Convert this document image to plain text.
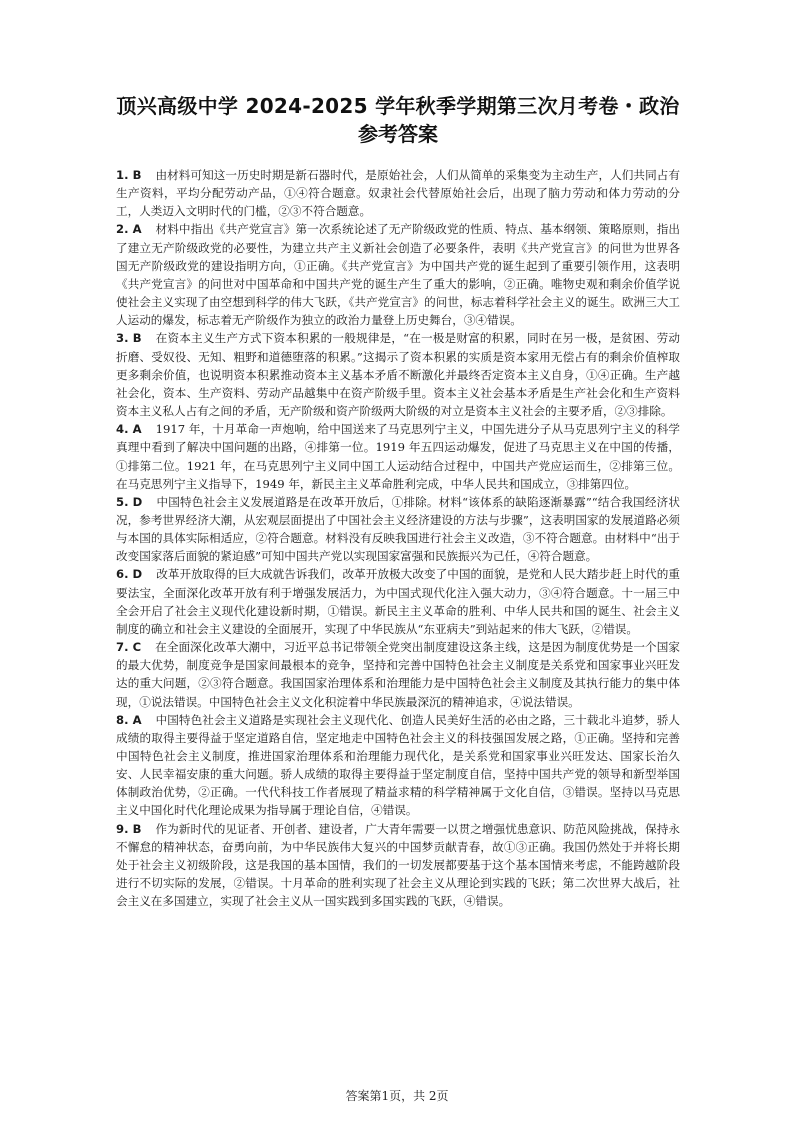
顶兴高级中学 2024-2025 学年秋季学期第三次月考卷・政治
参考答案

1. B 由材料可知这一历史时期是新石器时代，是原始社会，人们从简单的采集变为主动生产，人们共同占有生产资料，平均分配劳动产品，①④符合题意。奴隶社会代替原始社会后，出现了脑力劳动和体力劳动的分工，人类迈入文明时代的门槛，②③不符合题意。

2. A 材料中指出《共产党宣言》第一次系统论述了无产阶级政党的性质、特点、基本纲领、策略原则，指出了建立无产阶级政党的必要性，为建立共产主义新社会创造了必要条件，表明《共产党宣言》的问世为世界各国无产阶级政党的建设指明方向，①正确。《共产党宣言》为中国共产党的诞生起到了重要引领作用，这表明《共产党宣言》的问世对中国革命和中国共产党的诞生产生了重大的影响，②正确。唯物史观和剩余价值学说使社会主义实现了由空想到科学的伟大飞跃，《共产党宣言》的问世，标志着科学社会主义的诞生。欧洲三大工人运动的爆发，标志着无产阶级作为独立的政治力量登上历史舞台，③④错误。

3. B 在资本主义生产方式下资本积累的一般规律是，“在一极是财富的积累，同时在另一极，是贫困、劳动折磨、受奴役、无知、粗野和道德堕落的积累。”这揭示了资本积累的实质是资本家用无偿占有的剩余价值榨取更多剩余价值，也说明资本积累推动资本主义基本矛盾不断激化并最终否定资本主义自身，①④正确。生产越社会化，资本、生产资料、劳动产品越集中在资产阶级手里。资本主义社会基本矛盾是生产社会化和生产资料资本主义私人占有之间的矛盾，无产阶级和资产阶级两大阶级的对立是资本主义社会的主要矛盾，②③排除。

4. A 1917 年，十月革命一声炮响，给中国送来了马克思列宁主义，中国先进分子从马克思列宁主义的科学真理中看到了解决中国问题的出路，④排第一位。1919 年五四运动爆发，促进了马克思主义在中国的传播，①排第二位。1921 年，在马克思列宁主义同中国工人运动结合过程中，中国共产党应运而生，②排第三位。在马克思列宁主义指导下，1949 年，新民主主义革命胜利完成，中华人民共和国成立，③排第四位。

5. D 中国特色社会主义发展道路是在改革开放后，①排除。材料“该体系的缺陷逐渐暴露”“结合我国经济状况，参考世界经济大潮，从宏观层面提出了中国社会主义经济建设的方法与步骤”，这表明国家的发展道路必须与本国的具体实际相适应，②符合题意。材料没有反映我国进行社会主义改造，③不符合题意。由材料中“出于改变国家落后面貌的紧迫感”可知中国共产党以实现国家富强和民族振兴为己任，④符合题意。

6. D 改革开放取得的巨大成就告诉我们，改革开放极大改变了中国的面貌，是党和人民大踏步赶上时代的重要法宝，全面深化改革开放有利于增强发展活力，为中国式现代化注入强大动力，③④符合题意。十一届三中全会开启了社会主义现代化建设新时期，①错误。新民主主义革命的胜利、中华人民共和国的诞生、社会主义制度的确立和社会主义建设的全面展开，实现了中华民族从“东亚病夫”到站起来的伟大飞跃，②错误。

7. C 在全面深化改革大潮中，习近平总书记带领全党突出制度建设这条主线，这是因为制度优势是一个国家的最大优势，制度竞争是国家间最根本的竞争，坚持和完善中国特色社会主义制度是关系党和国家事业兴旺发达的重大问题，②③符合题意。我国国家治理体系和治理能力是中国特色社会主义制度及其执行能力的集中体现，①说法错误。中国特色社会主义文化积淀着中华民族最深沉的精神追求，④说法错误。

8. A 中国特色社会主义道路是实现社会主义现代化、创造人民美好生活的必由之路，三十载北斗追梦，骄人成绩的取得主要得益于坚定道路自信，坚定地走中国特色社会主义的科技强国发展之路，①正确。坚持和完善中国特色社会主义制度，推进国家治理体系和治理能力现代化，是关系党和国家事业兴旺发达、国家长治久安、人民幸福安康的重大问题。骄人成绩的取得主要得益于坚定制度自信，坚持中国共产党的领导和新型举国体制政治优势，②正确。一代代科技工作者展现了精益求精的科学精神属于文化自信，③错误。坚持以马克思主义中国化时代化理论成果为指导属于理论自信，④错误。

9. B 作为新时代的见证者、开创者、建设者，广大青年需要一以贯之增强忧患意识、防范风险挑战，保持永不懈怠的精神状态，奋勇向前，为中华民族伟大复兴的中国梦贡献青春，故①③正确。我国仍然处于并将长期处于社会主义初级阶段，这是我国的基本国情，我们的一切发展都要基于这个基本国情来考虑，不能跨越阶段进行不切实际的发展，②错误。十月革命的胜利实现了社会主义从理论到实践的飞跃；第二次世界大战后，社会主义在多国建立，实现了社会主义从一国实践到多国实践的飞跃，④错误。

答案第1页，共 2页
